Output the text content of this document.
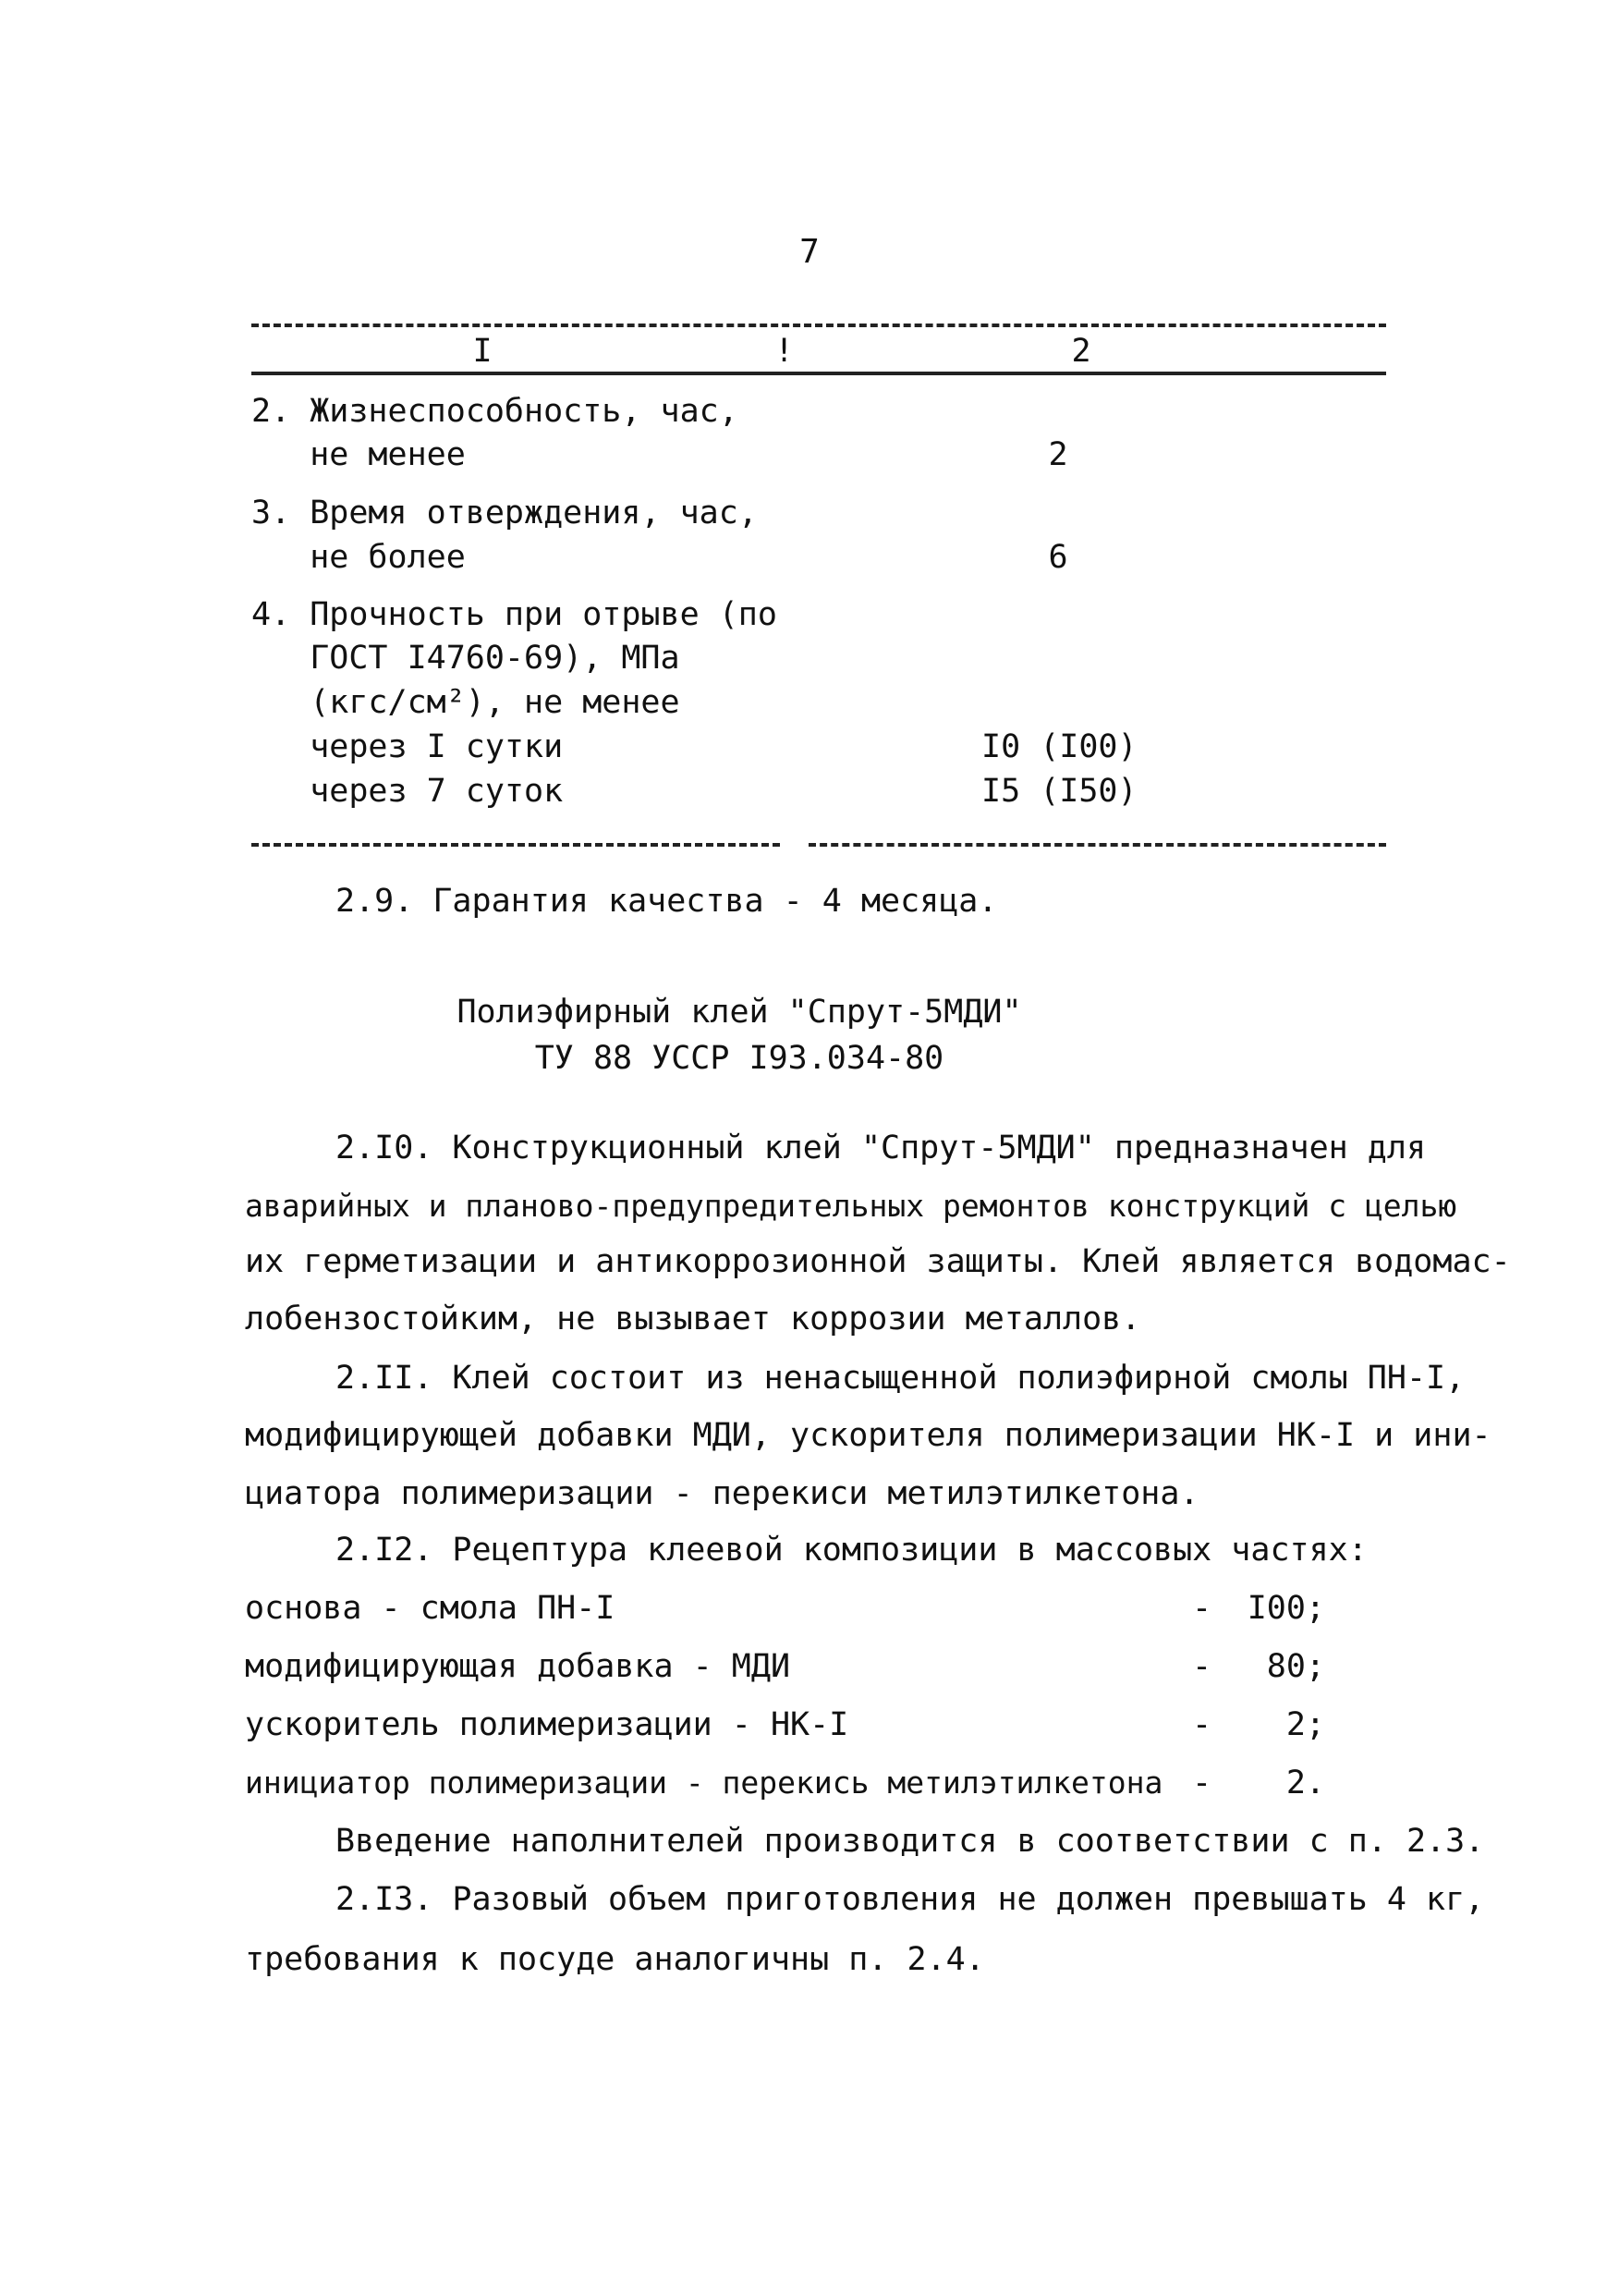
7
I	!	2
2. Жизнеспособность, час,
не менее	2
3. Время отверждения, час,
не более	6
4. Прочность при отрыве (по
ГОСТ I4760-69), МПа
(кгс/см²), не менее
через I сутки	I0 (I00)
через 7 суток	I5 (I50)
2.9. Гарантия качества - 4 месяца.
Полиэфирный клей "Спрут-5МДИ"
ТУ 88 УССР I93.034-80
2.I0. Конструкционный клей "Спрут-5МДИ" предназначен для
аварийных и планово-предупредительных ремонтов конструкций с целью
их герметизации и антикоррозионной защиты. Клей является водомас-
лобензостойким, не вызывает коррозии металлов.
2.II. Клей состоит из ненасыщенной полиэфирной смолы ПН-I,
модифицирующей добавки МДИ, ускорителя полимеризации НК-I и ини-
циатора полимеризации - перекиси метилэтилкетона.
2.I2. Рецептура клеевой композиции в массовых частях:
основа - смола ПН-I	- I00;
модифицирующая добавка - МДИ	- 80;
ускоритель полимеризации - НК-I	- 2;
инициатор полимеризации - перекись метилэтилкетона - 2.
Введение наполнителей производится в соответствии с п. 2.3.
2.I3. Разовый объем приготовления не должен превышать 4 кг,
требования к посуде аналогичны п. 2.4.
